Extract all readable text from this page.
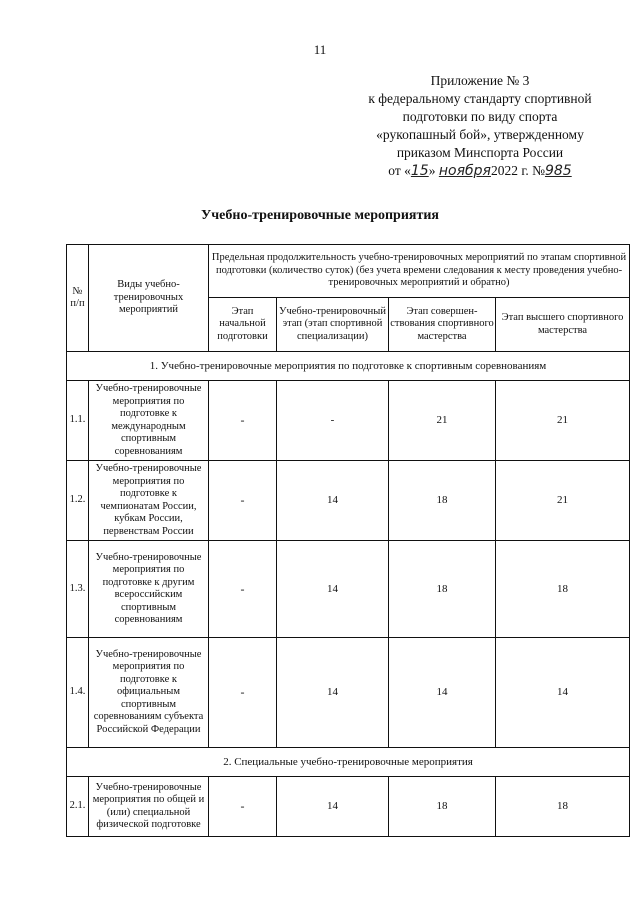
11
Приложение № 3
к федеральному стандарту спортивной
подготовки по виду спорта
«рукопашный бой», утвержденному
приказом Минспорта России
от «15» ноября2022 г. №985
Учебно-тренировочные мероприятия
№ п/п	Виды учебно-тренировочных мероприятий	Предельная продолжительность учебно-тренировочных мероприятий по этапам спортивной подготовки (количество суток) (без учета времени следования к месту проведения учебно-тренировочных мероприятий и обратно)			
		Этап начальной подготовки	Учебно-тренировочный этап (этап спортивной специализации)	Этап совершен-ствования спортивного мастерства	Этап высшего спортивного мастерства
1. Учебно-тренировочные мероприятия по подготовке к спортивным соревнованиям					
1.1.	Учебно-тренировочные мероприятия по подготовке к международным спортивным соревнованиям	-	-	21	21
1.2.	Учебно-тренировочные мероприятия по подготовке к чемпионатам России, кубкам России, первенствам России	-	14	18	21
1.3.	Учебно-тренировочные мероприятия по подготовке к другим всероссийским спортивным соревнованиям	-	14	18	18
1.4.	Учебно-тренировочные мероприятия по подготовке к официальным спортивным соревнованиям субъекта Российской Федерации	-	14	14	14
2. Специальные учебно-тренировочные мероприятия					
2.1.	Учебно-тренировочные мероприятия по общей и (или) специальной физической подготовке	-	14	18	18
